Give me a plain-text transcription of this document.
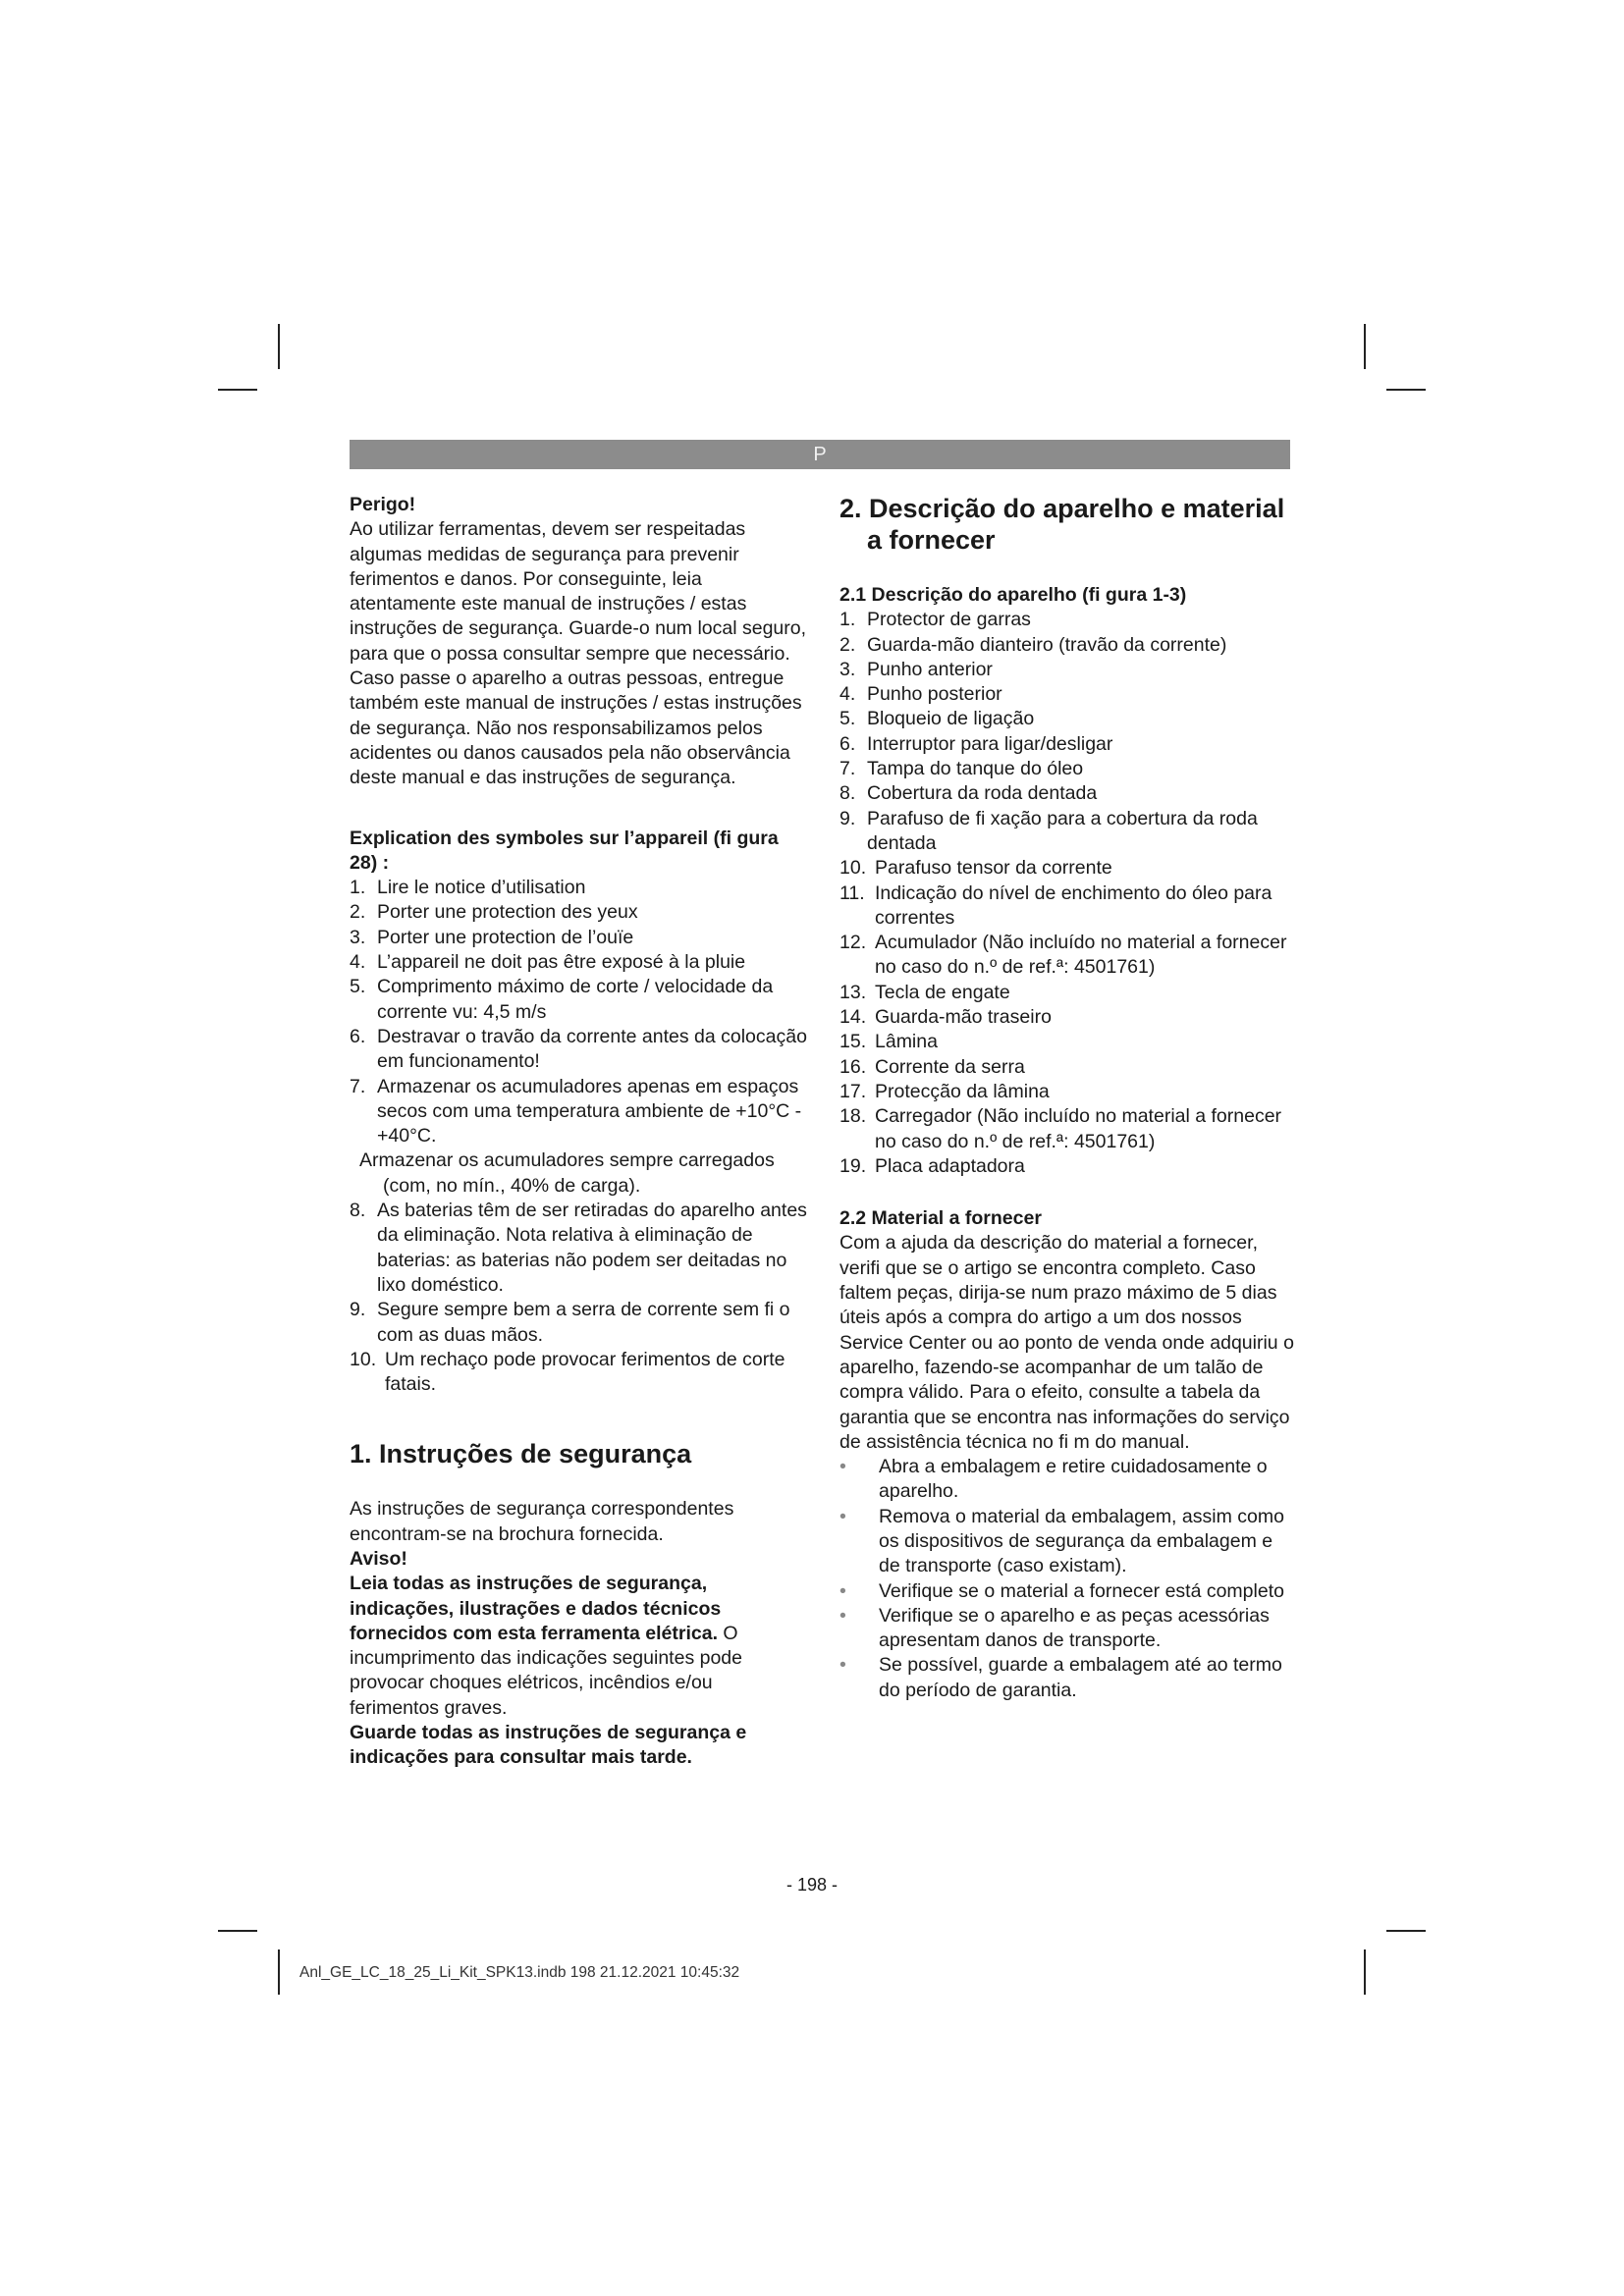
P
Perigo!

Ao utilizar ferramentas, devem ser respeitadas algumas medidas de segurança para prevenir ferimentos e danos. Por conseguinte, leia atentamente este manual de instruções / estas instruções de segurança. Guarde-o num local seguro, para que o possa consultar sempre que necessário. Caso passe o aparelho a outras pessoas, entregue também este manual de instruções / estas instruções de segurança. Não nos responsabilizamos pelos acidentes ou danos causados pela não observância deste manual e das instruções de segurança.

Explication des symboles sur l’appareil (fi gura 28) :
1. Lire le notice d’utilisation
2. Porter une protection des yeux
3. Porter une protection de l’ouïe
4. L’appareil ne doit pas être exposé à la pluie
5. Comprimento máximo de corte / velocidade da corrente vu: 4,5 m/s
6. Destravar o travão da corrente antes da colocação em funcionamento!
7. Armazenar os acumuladores apenas em espaços secos com uma temperatura ambiente de +10°C - +40°C.
Armazenar os acumuladores sempre carregados (com, no mín., 40% de carga).
8. As baterias têm de ser retiradas do aparelho antes da eliminação. Nota relativa à eliminação de baterias: as baterias não podem ser deitadas no lixo doméstico.
9. Segure sempre bem a serra de corrente sem fi o com as duas mãos.
10. Um rechaço pode provocar ferimentos de corte fatais.
1. Instruções de segurança

As instruções de segurança correspondentes encontram-se na brochura fornecida.

Aviso!

Leia todas as instruções de segurança, indicações, ilustrações e dados técnicos fornecidos com esta ferramenta elétrica. O incumprimento das indicações seguintes pode provocar choques elétricos, incêndios e/ou ferimentos graves.

Guarde todas as instruções de segurança e indicações para consultar mais tarde.
2. Descrição do aparelho e material a fornecer
2.1 Descrição do aparelho (fi gura 1-3)
1. Protector de garras
2. Guarda-mão dianteiro (travão da corrente)
3. Punho anterior
4. Punho posterior
5. Bloqueio de ligação
6. Interruptor para ligar/desligar
7. Tampa do tanque do óleo
8. Cobertura da roda dentada
9. Parafuso de fi xação para a cobertura da roda dentada
10. Parafuso tensor da corrente
11. Indicação do nível de enchimento do óleo para correntes
12. Acumulador (Não incluído no material a fornecer no caso do n.º de ref.ª: 4501761)
13. Tecla de engate
14. Guarda-mão traseiro
15. Lâmina
16. Corrente da serra
17. Protecção da lâmina
18. Carregador (Não incluído no material a fornecer no caso do n.º de ref.ª: 4501761)
19. Placa adaptadora
2.2 Material a fornecer

Com a ajuda da descrição do material a fornecer, verifi que se o artigo se encontra completo. Caso faltem peças, dirija-se num prazo máximo de 5 dias úteis após a compra do artigo a um dos nossos Service Center ou ao ponto de venda onde adquiriu o aparelho, fazendo-se acompanhar de um talão de compra válido. Para o efeito, consulte a tabela da garantia que se encontra nas informações do serviço de assistência técnica no fi m do manual.

•	Abra a embalagem e retire cuidadosamente o aparelho.
•	Remova o material da embalagem, assim como os dispositivos de segurança da embalagem e de transporte (caso existam).
•	Verifique se o material a fornecer está completo
•	Verifique se o aparelho e as peças acessórias apresentam danos de transporte.
•	Se possível, guarde a embalagem até ao termo do período de garantia.
- 198 -
Anl_GE_LC_18_25_Li_Kit_SPK13.indb 198 21.12.2021 10:45:32
